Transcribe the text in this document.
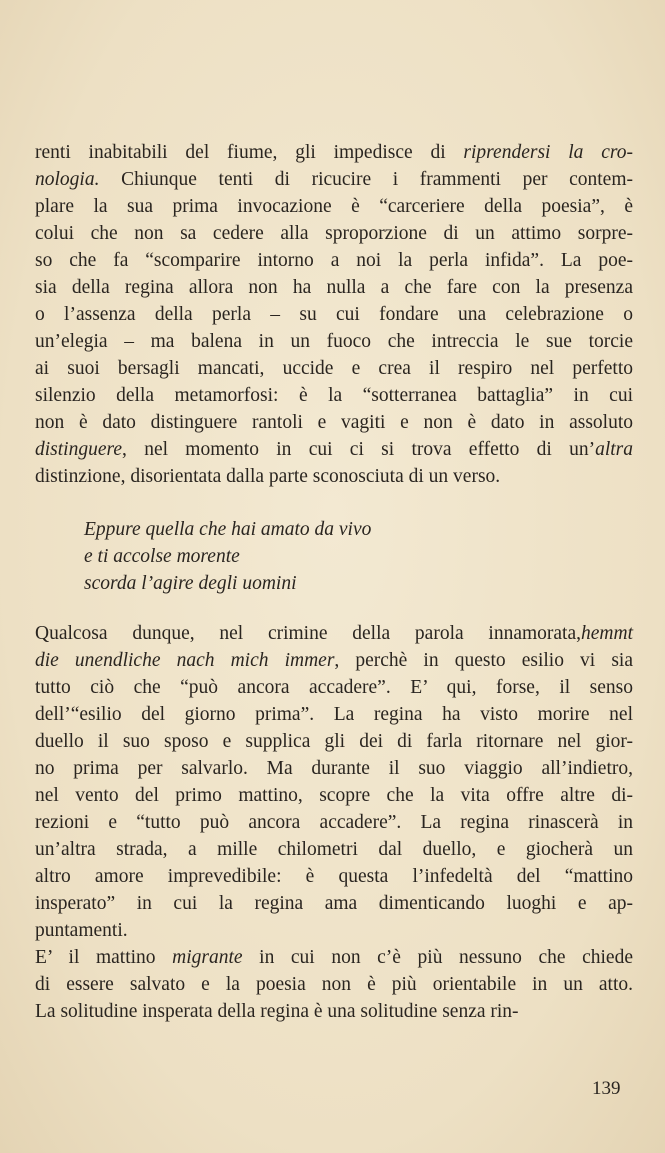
renti inabitabili del fiume, gli impedisce di riprendersi la cro-
nologia. Chiunque tenti di ricucire i frammenti per contem-
plare la sua prima invocazione è “carceriere della poesia”, è
colui che non sa cedere alla sproporzione di un attimo sorpre-
so che fa “scomparire intorno a noi la perla infida”. La poe-
sia della regina allora non ha nulla a che fare con la presenza
o l’assenza della perla – su cui fondare una celebrazione o
un’elegia – ma balena in un fuoco che intreccia le sue torcie
ai suoi bersagli mancati, uccide e crea il respiro nel perfetto
silenzio della metamorfosi: è la “sotterranea battaglia” in cui
non è dato distinguere rantoli e vagiti e non è dato in assoluto
distinguere, nel momento in cui ci si trova effetto di un’altra
distinzione, disorientata dalla parte sconosciuta di un verso.
Eppure quella che hai amato da vivo
e ti accolse morente
scorda l’agire degli uomini
Qualcosa dunque, nel crimine della parola innamorata,hemmt
die unendliche nach mich immer, perchè in questo esilio vi sia
tutto ciò che “può ancora accadere”. E’ qui, forse, il senso
dell’“esilio del giorno prima”. La regina ha visto morire nel
duello il suo sposo e supplica gli dei di farla ritornare nel gior-
no prima per salvarlo. Ma durante il suo viaggio all’indietro,
nel vento del primo mattino, scopre che la vita offre altre di-
rezioni e “tutto può ancora accadere”. La regina rinascerà in
un’altra strada, a mille chilometri dal duello, e giocherà un
altro amore imprevedibile: è questa l’infedeltà del “mattino
insperato” in cui la regina ama dimenticando luoghi e ap-
puntamenti.
E’ il mattino migrante in cui non c’è più nessuno che chiede
di essere salvato e la poesia non è più orientabile in un atto.
La solitudine insperata della regina è una solitudine senza rin-
139
